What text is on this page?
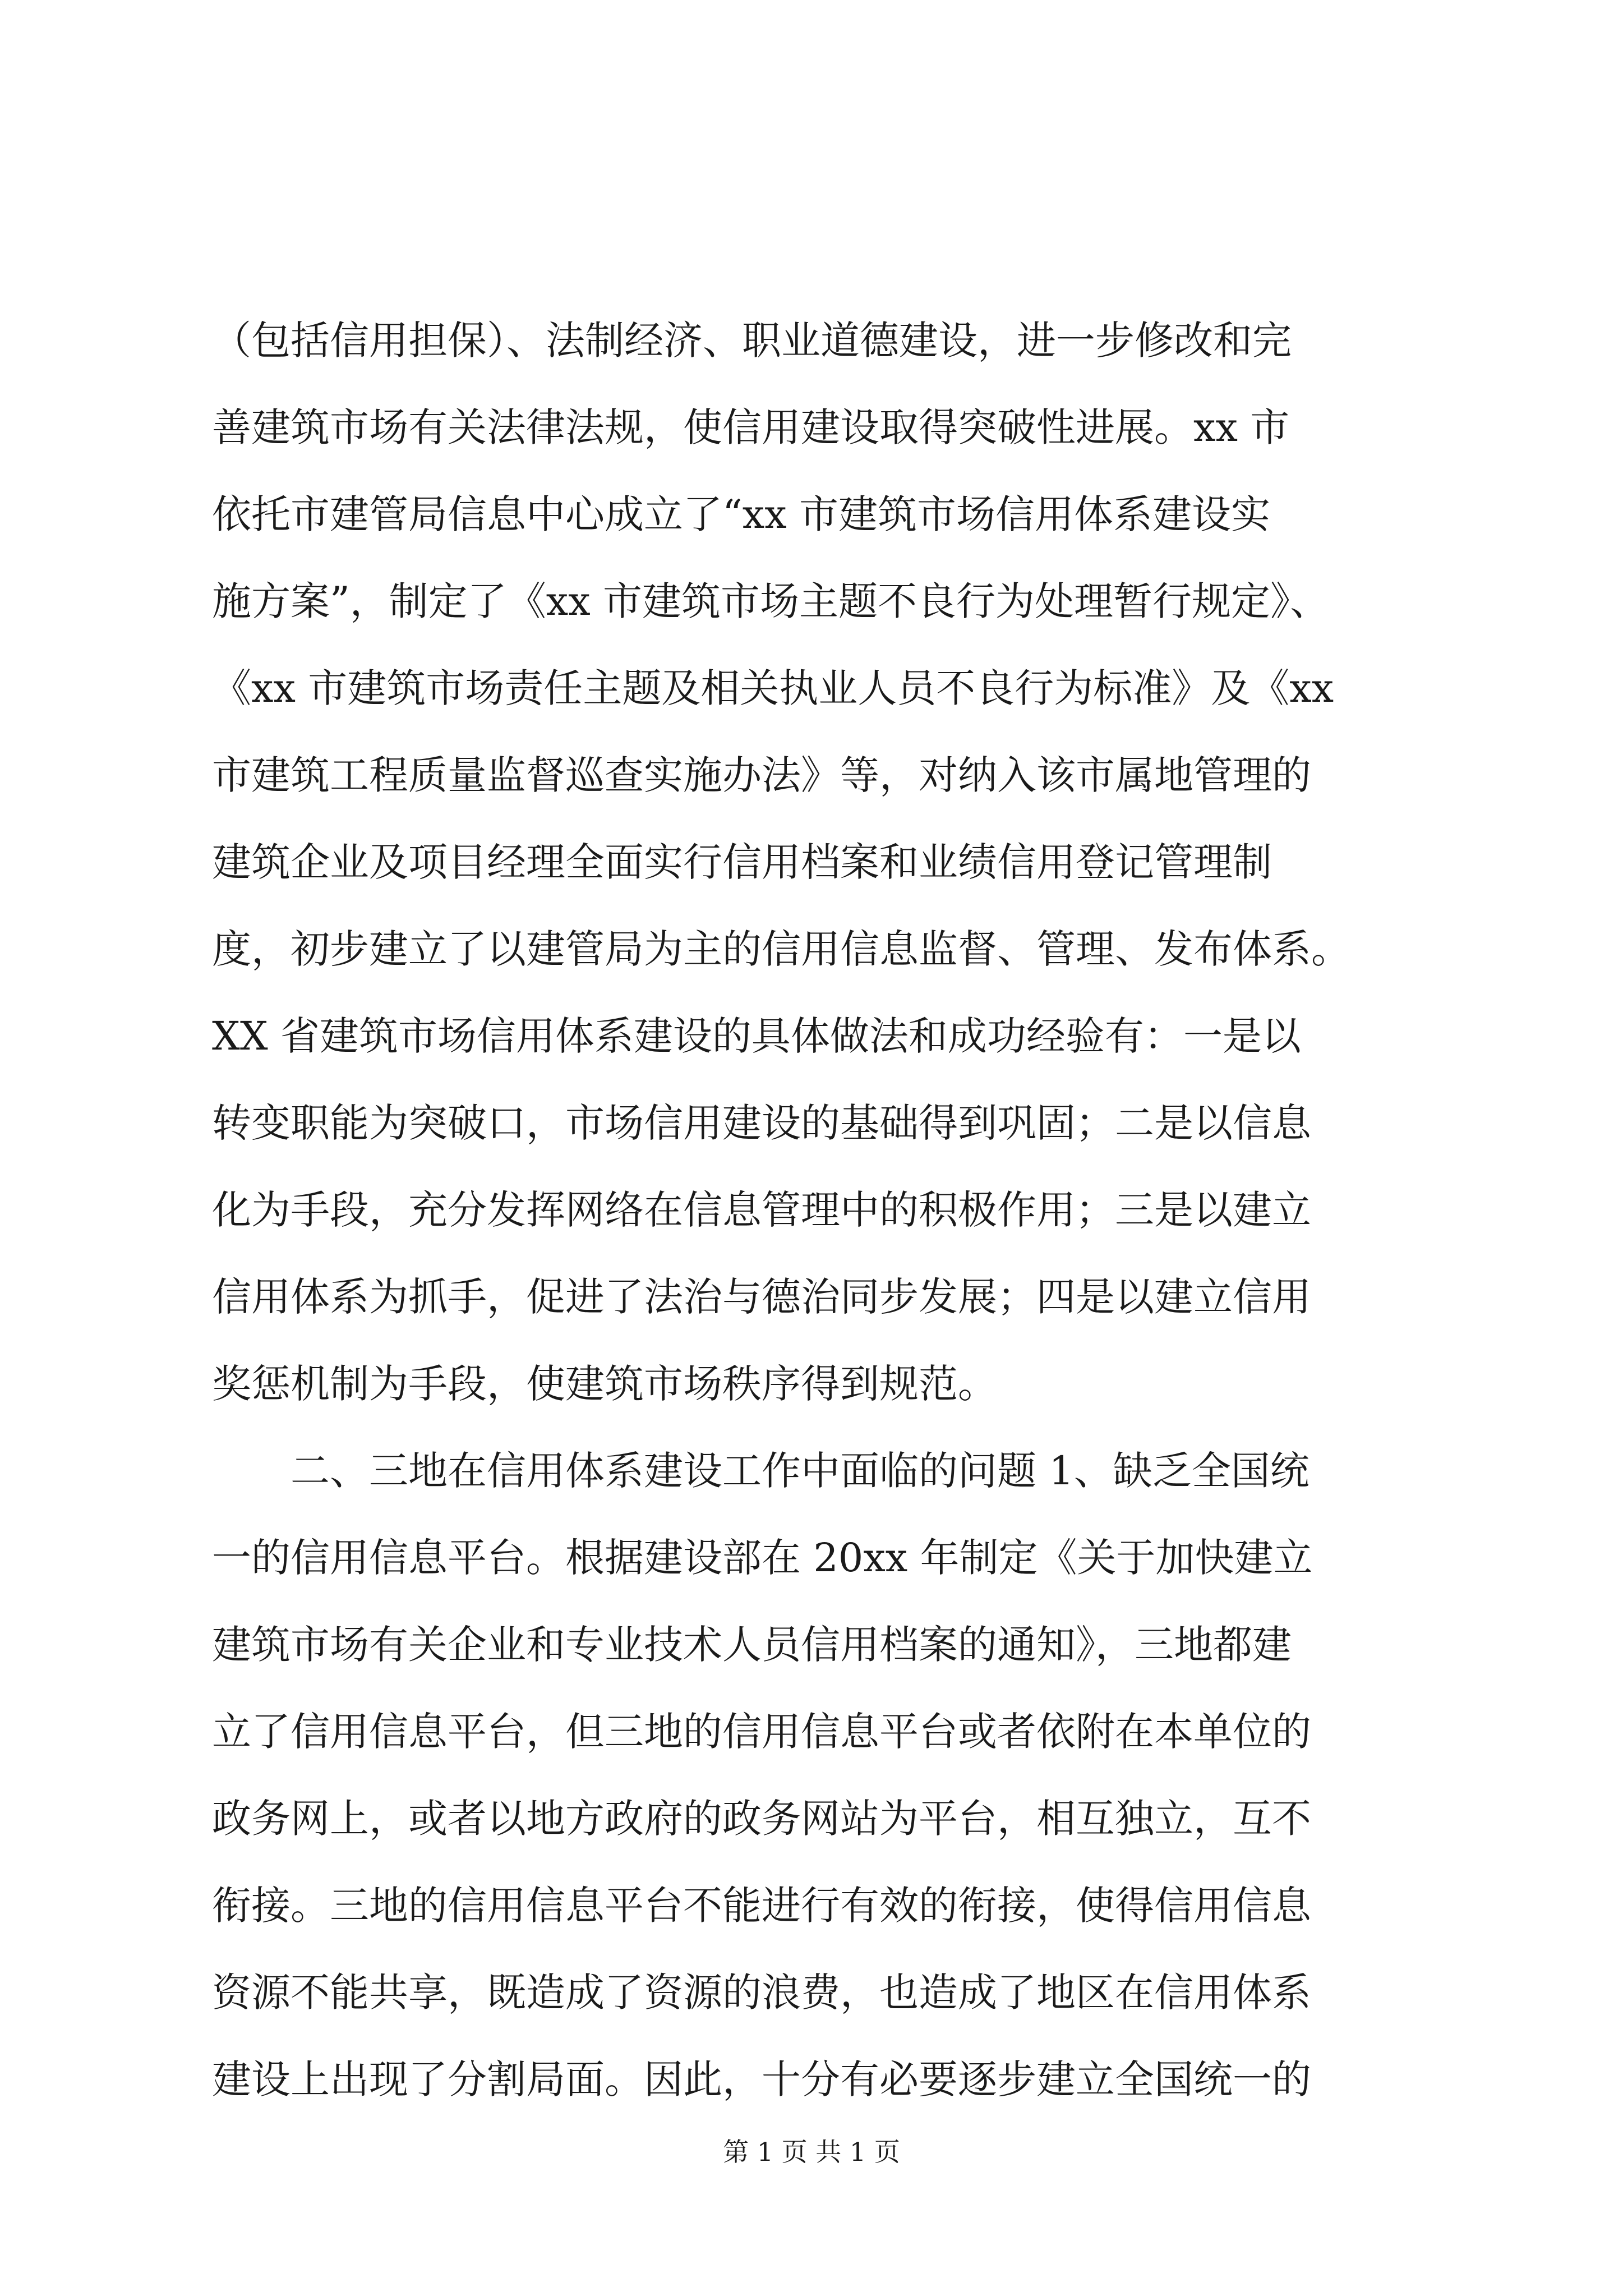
（包括信用担保）、法制经济、职业道德建设，进一步修改和完
善建筑市场有关法律法规，使信用建设取得突破性进展。xx 市
依托市建管局信息中心成立了“xx 市建筑市场信用体系建设实
施方案”，制定了《xx 市建筑市场主题不良行为处理暂行规定》、
《xx 市建筑市场责任主题及相关执业人员不良行为标准》及《xx
市建筑工程质量监督巡查实施办法》等，对纳入该市属地管理的
建筑企业及项目经理全面实行信用档案和业绩信用登记管理制
度，初步建立了以建管局为主的信用信息监督、管理、发布体系。
XX 省建筑市场信用体系建设的具体做法和成功经验有：一是以
转变职能为突破口，市场信用建设的基础得到巩固；二是以信息
化为手段，充分发挥网络在信息管理中的积极作用；三是以建立
信用体系为抓手，促进了法治与德治同步发展；四是以建立信用
奖惩机制为手段，使建筑市场秩序得到规范。
二、三地在信用体系建设工作中面临的问题 1、缺乏全国统
一的信用信息平台。根据建设部在 20xx 年制定《关于加快建立
建筑市场有关企业和专业技术人员信用档案的通知》，三地都建
立了信用信息平台，但三地的信用信息平台或者依附在本单位的
政务网上，或者以地方政府的政务网站为平台，相互独立，互不
衔接。三地的信用信息平台不能进行有效的衔接，使得信用信息
资源不能共享，既造成了资源的浪费，也造成了地区在信用体系
建设上出现了分割局面。因此，十分有必要逐步建立全国统一的
第 1 页 共 1 页
